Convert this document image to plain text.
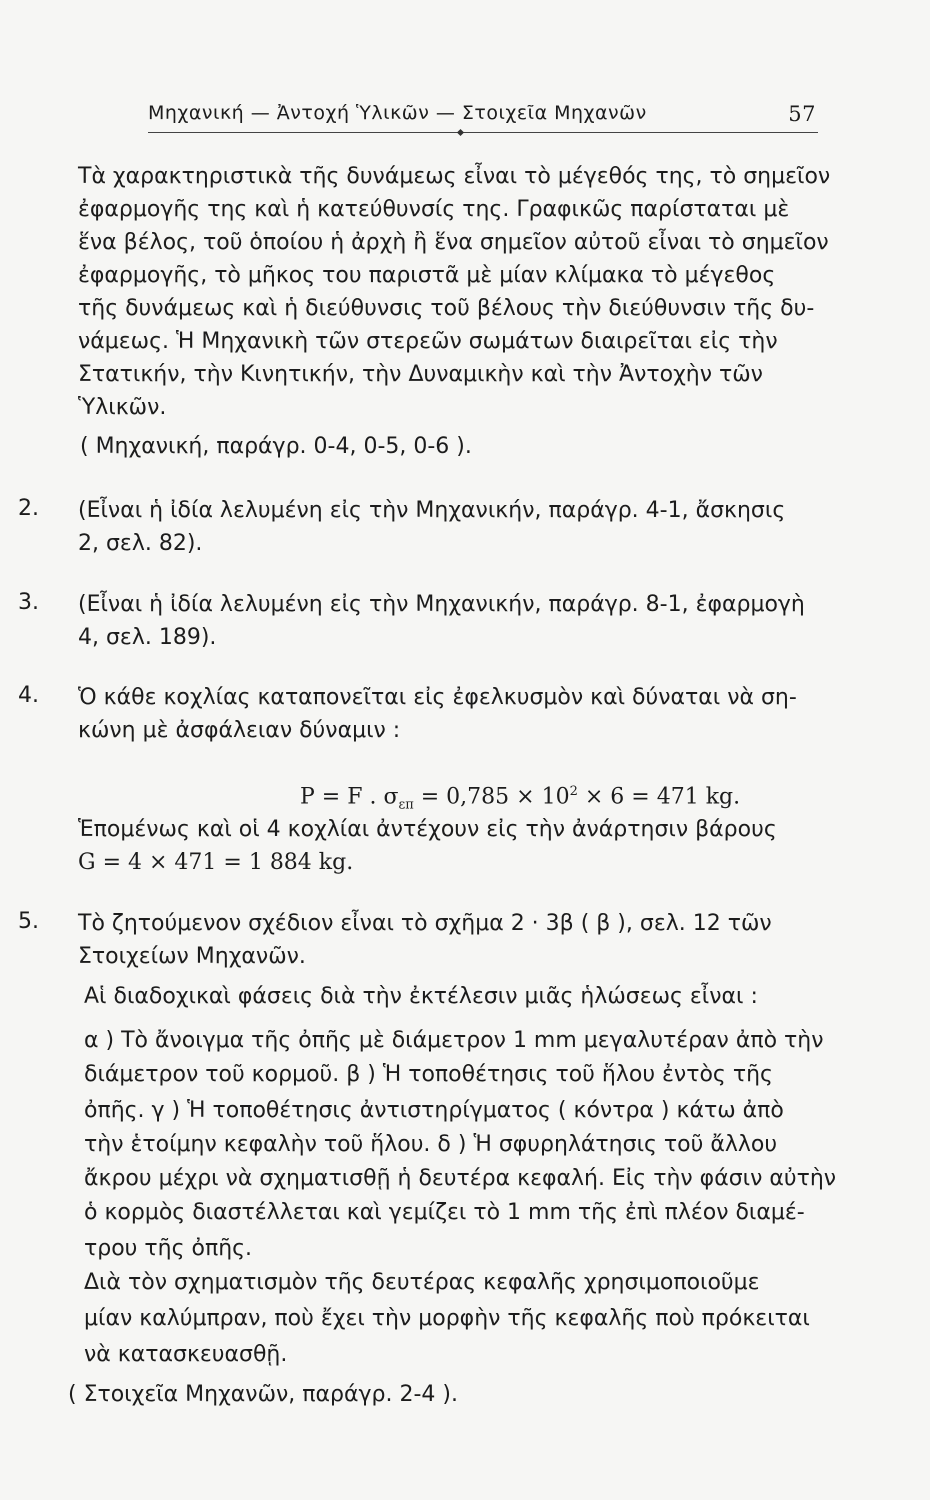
Μηχανική — Ἀντοχή Ὑλικῶν — Στοιχεῖα Μηχανῶν	57

Τὰ χαρακτηριστικὰ τῆς δυνάμεως εἶναι τὸ μέγεθός της, τὸ σημεῖον

ἐφαρμογῆς της καὶ ἡ κατεύθυνσίς της. Γραφικῶς παρίσταται μὲ

ἕνα βέλος, τοῦ ὁποίου ἡ ἀρχὴ ἢ ἕνα σημεῖον αὐτοῦ εἶναι τὸ σημεῖον

ἐφαρμογῆς, τὸ μῆκος του παριστᾶ μὲ μίαν κλίμακα τὸ μέγεθος

τῆς δυνάμεως καὶ ἡ διεύθυνσις τοῦ βέλους τὴν διεύθυνσιν τῆς δυ-

νάμεως. Ἡ Μηχανικὴ τῶν στερεῶν σωμάτων διαιρεῖται εἰς τὴν

Στατικήν, τὴν Κινητικήν, τὴν Δυναμικὴν καὶ τὴν Ἀντοχὴν τῶν

Ὑλικῶν.

( Μηχανική, παράγρ. 0-4, 0-5, 0-6 ).

2. (Εἶναι ἡ ἰδία λελυμένη εἰς τὴν Μηχανικήν, παράγρ. 4-1, ἄσκησις

2, σελ. 82).

3. (Εἶναι ἡ ἰδία λελυμένη εἰς τὴν Μηχανικήν, παράγρ. 8-1, ἐφαρμογὴ

4, σελ. 189).

4. Ὁ κάθε κοχλίας καταπονεῖται εἰς ἐφελκυσμὸν καὶ δύναται νὰ ση-

κώνη μὲ ἀσφάλειαν δύναμιν :

P = F . $\sigma_{\varepsilon\pi} = 0,785 \times 10^2 \times 6 = 471$ kg.

Ἑπομένως καὶ οἱ 4 κοχλίαι ἀντέχουν εἰς τὴν ἀνάρτησιν βάρους

G = 4 × 471 = 1 884 kg.

5. Τὸ ζητούμενον σχέδιον εἶναι τὸ σχῆμα 2 · 3β ( β ), σελ. 12 τῶν

Στοιχείων Μηχανῶν.

Αἱ διαδοχικαὶ φάσεις διὰ τὴν ἐκτέλεσιν μιᾶς ἡλώσεως εἶναι :

α ) Τὸ ἄνοιγμα τῆς ὀπῆς μὲ διάμετρον 1 mm μεγαλυτέραν ἀπὸ τὴν

διάμετρον τοῦ κορμοῦ. β ) Ἡ τοποθέτησις τοῦ ἥλου ἐντὸς τῆς

ὀπῆς. γ ) Ἡ τοποθέτησις ἀντιστηρίγματος ( κόντρα ) κάτω ἀπὸ

τὴν ἑτοίμην κεφαλὴν τοῦ ἥλου. δ ) Ἡ σφυρηλάτησις τοῦ ἄλλου

ἄκρου μέχρι νὰ σχηματισθῇ ἡ δευτέρα κεφαλή. Εἰς τὴν φάσιν αὐτὴν

ὁ κορμὸς διαστέλλεται καὶ γεμίζει τὸ 1 mm τῆς ἐπὶ πλέον διαμέ-

τρου τῆς ὀπῆς.

Διὰ τὸν σχηματισμὸν τῆς δευτέρας κεφαλῆς χρησιμοποιοῦμε

μίαν καλύμπραν, ποὺ ἔχει τὴν μορφὴν τῆς κεφαλῆς ποὺ πρόκειται

νὰ κατασκευασθῇ.

( Στοιχεῖα Μηχανῶν, παράγρ. 2-4 ).
